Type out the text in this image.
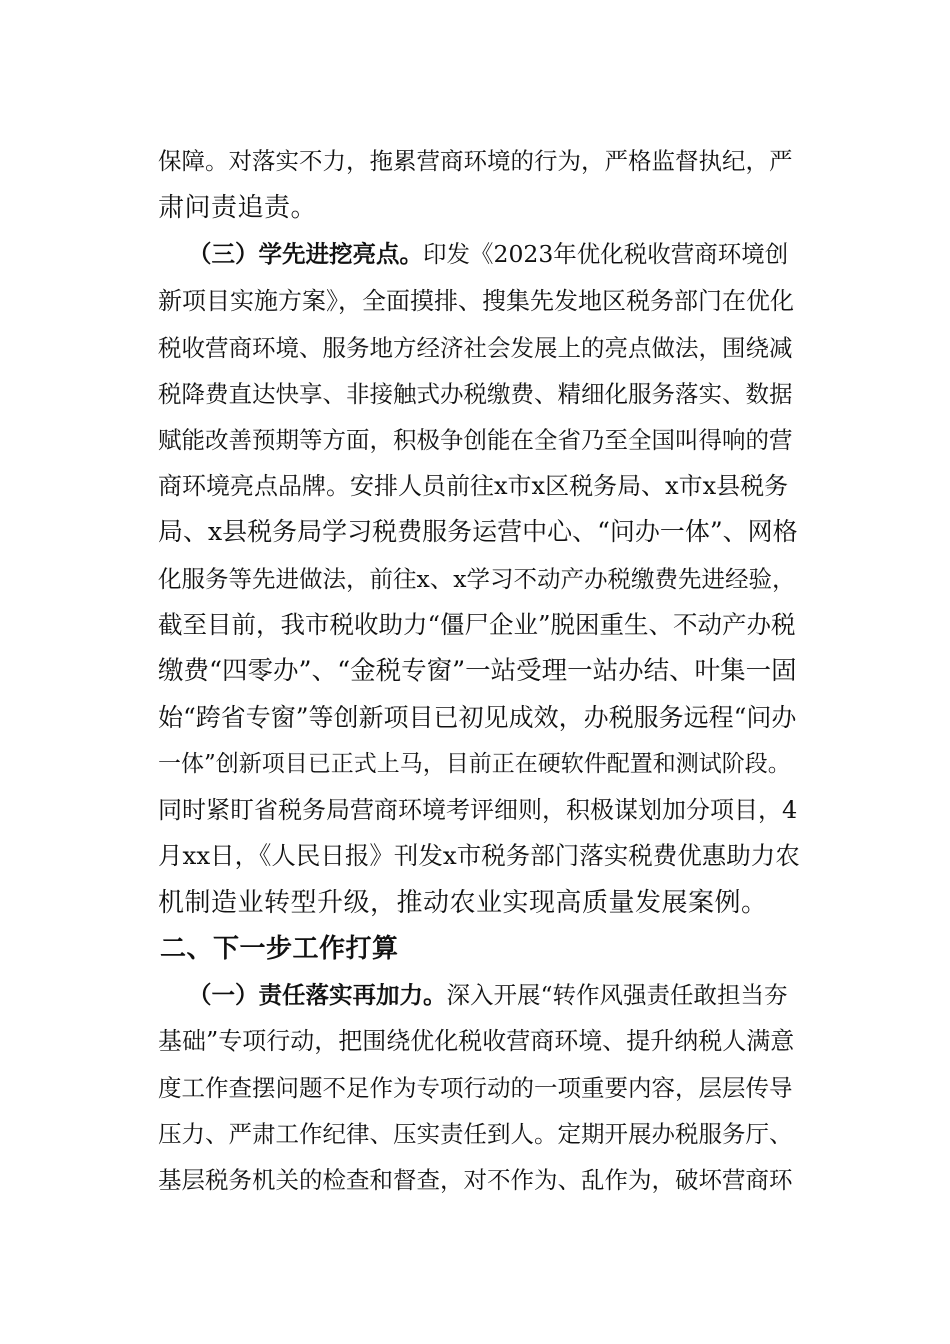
保障。对落实不力，拖累营商环境的行为，严格监督执纪，严
肃问责追责。
（三）学先进挖亮点。印发《2023年优化税收营商环境创
新项目实施方案》，全面摸排、搜集先发地区税务部门在优化
税收营商环境、服务地方经济社会发展上的亮点做法，围绕减
税降费直达快享、非接触式办税缴费、精细化服务落实、数据
赋能改善预期等方面，积极争创能在全省乃至全国叫得响的营
商环境亮点品牌。安排人员前往x市x区税务局、x市x县税务
局、x县税务局学习税费服务运营中心、“问办一体”、网格
化服务等先进做法，前往x、x学习不动产办税缴费先进经验，
截至目前，我市税收助力“僵尸企业”脱困重生、不动产办税
缴费“四零办”、“金税专窗”一站受理一站办结、叶集一固
始“跨省专窗”等创新项目已初见成效，办税服务远程“问办
一体”创新项目已正式上马，目前正在硬软件配置和测试阶段。
同时紧盯省税务局营商环境考评细则，积极谋划加分项目，4
月xx日，《人民日报》刊发x市税务部门落实税费优惠助力农
机制造业转型升级，推动农业实现高质量发展案例。
二、下一步工作打算
（一）责任落实再加力。深入开展“转作风强责任敢担当夯
基础”专项行动，把围绕优化税收营商环境、提升纳税人满意
度工作查摆问题不足作为专项行动的一项重要内容，层层传导
压力、严肃工作纪律、压实责任到人。定期开展办税服务厅、
基层税务机关的检查和督查，对不作为、乱作为，破坏营商环
